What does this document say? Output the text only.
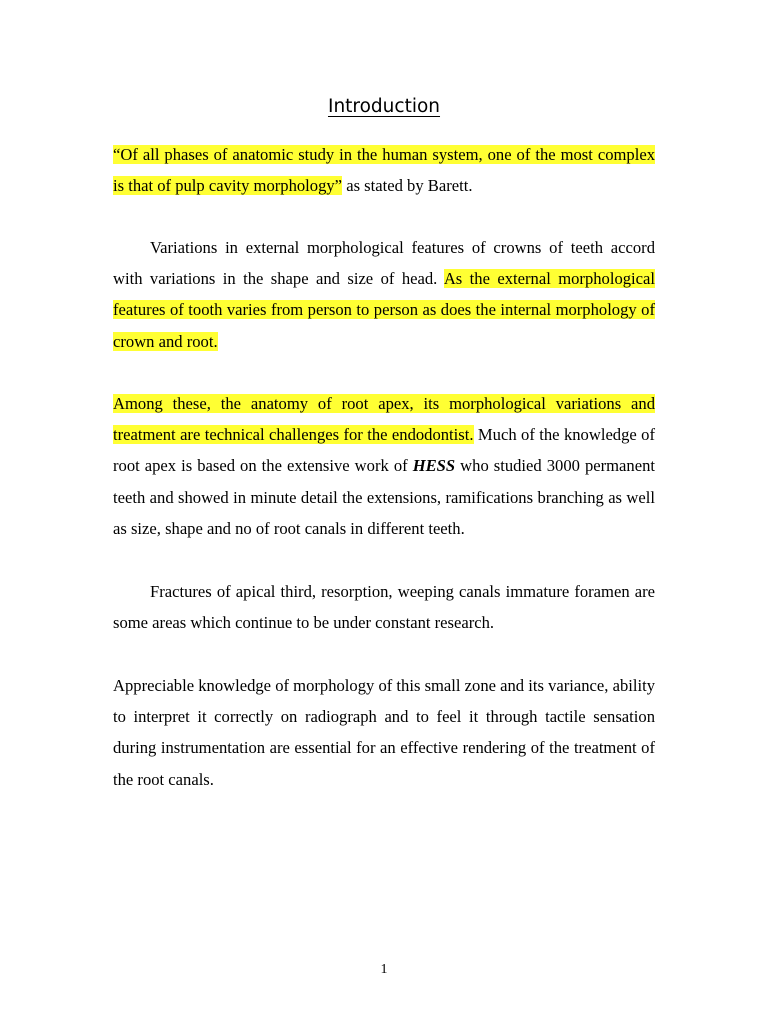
Introduction

“Of all phases of anatomic study in the human system, one of the most complex is that of pulp cavity morphology” as stated by Barett.

Variations in external morphological features of crowns of teeth accord with variations in the shape and size of head. As the external morphological features of tooth varies from person to person as does the internal morphology of crown and root.

Among these, the anatomy of root apex, its morphological variations and treatment are technical challenges for the endodontist. Much of the knowledge of root apex is based on the extensive work of HESS who studied 3000 permanent teeth and showed in minute detail the extensions, ramifications branching as well as size, shape and no of root canals in different teeth.

Fractures of apical third, resorption, weeping canals immature foramen are some areas which continue to be under constant research.

Appreciable knowledge of morphology of this small zone and its variance, ability to interpret it correctly on radiograph and to feel it through tactile sensation during instrumentation are essential for an effective rendering of the treatment of the root canals.

1
